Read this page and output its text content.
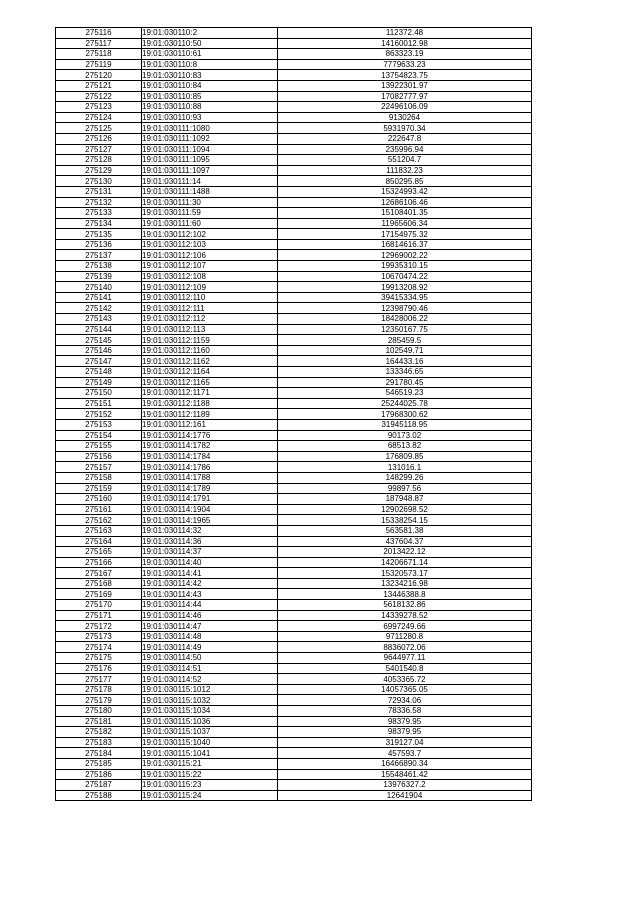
275116	19:01:030110:2	112372.48
275117	19:01:030110:50	14160012.98
275118	19:01:030110:61	863323.19
275119	19:01:030110:8	7779633.23
275120	19:01:030110:83	13754823.75
275121	19:01:030110:84	13922301.97
275122	19:01:030110:85	17082777.97
275123	19:01:030110:88	22496106.09
275124	19:01:030110:93	9130264
275125	19:01:030111:1080	5931970.34
275126	19:01:030111:1092	222647.8
275127	19:01:030111:1094	235996.94
275128	19:01:030111:1095	551204.7
275129	19:01:030111:1097	111832.23
275130	19:01:030111:14	850295.85
275131	19:01:030111:1488	15324993.42
275132	19:01:030111:30	12686106.46
275133	19:01:030111:59	15108401.35
275134	19:01:030111:60	11965606.34
275135	19:01:030112:102	17154975.32
275136	19:01:030112:103	16814616.37
275137	19:01:030112:106	12969002.22
275138	19:01:030112:107	19935310.15
275139	19:01:030112:108	10670474.22
275140	19:01:030112:109	19913208.92
275141	19:01:030112:110	39415334.95
275142	19:01:030112:111	12398790.46
275143	19:01:030112:112	18428006.22
275144	19:01:030112:113	12350167.75
275145	19:01:030112:1159	285459.5
275146	19:01:030112:1160	102549.71
275147	19:01:030112:1162	164433.16
275148	19:01:030112:1164	133346.65
275149	19:01:030112:1165	291780.45
275150	19:01:030112:1171	546519.23
275151	19:01:030112:1188	25244025.78
275152	19:01:030112:1189	17968300.62
275153	19:01:030112:161	31945118.95
275154	19:01:030114:1776	90173.02
275155	19:01:030114:1782	68513.82
275156	19:01:030114:1784	176809.85
275157	19:01:030114:1786	131016.1
275158	19:01:030114:1788	148299.26
275159	19:01:030114:1789	99897.56
275160	19:01:030114:1791	187948.87
275161	19:01:030114:1904	12902698.52
275162	19:01:030114:1965	15338254.15
275163	19:01:030114:32	563581.38
275164	19:01:030114:36	437604.37
275165	19:01:030114:37	2013422.12
275166	19:01:030114:40	14206671.14
275167	19:01:030114:41	15320573.17
275168	19:01:030114:42	13234216.98
275169	19:01:030114:43	13446388.8
275170	19:01:030114:44	5618132.86
275171	19:01:030114:46	14339278.52
275172	19:01:030114:47	6997249.66
275173	19:01:030114:48	9711280.8
275174	19:01:030114:49	8836072.06
275175	19:01:030114:50	9644977.11
275176	19:01:030114:51	5401540.8
275177	19:01:030114:52	4053365.72
275178	19:01:030115:1012	14057365.05
275179	19:01:030115:1032	72934.06
275180	19:01:030115:1034	78336.58
275181	19:01:030115:1036	98379.95
275182	19:01:030115:1037	98379.95
275183	19:01:030115:1040	319127.04
275184	19:01:030115:1041	457593.7
275185	19:01:030115:21	16466890.34
275186	19:01:030115:22	15548461.42
275187	19:01:030115:23	13976327.2
275188	19:01:030115:24	12641904
